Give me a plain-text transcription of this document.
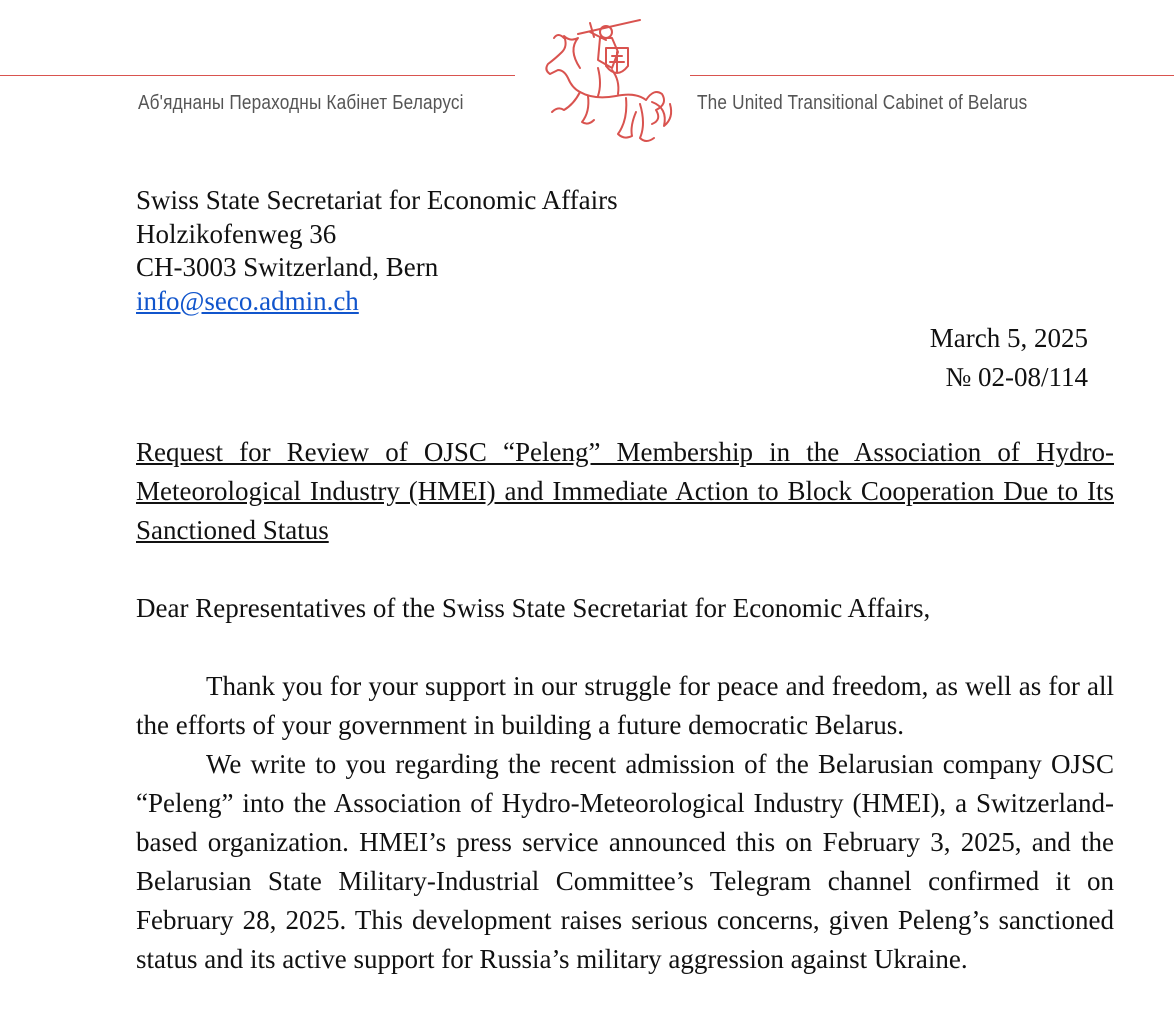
Аб'яднаны Пераходны Кабінет Беларусі	The United Transitional Cabinet of Belarus
Swiss State Secretariat for Economic Affairs
Holzikofenweg 36
CH-3003 Switzerland, Bern
info@seco.admin.ch
March 5, 2025
№ 02-08/114
Request for Review of OJSC “Peleng” Membership in the Association of Hydro-Meteorological Industry (HMEI) and Immediate Action to Block Cooperation Due to Its Sanctioned Status
Dear Representatives of the Swiss State Secretariat for Economic Affairs,

Thank you for your support in our struggle for peace and freedom, as well as for all the efforts of your government in building a future democratic Belarus.

We write to you regarding the recent admission of the Belarusian company OJSC “Peleng” into the Association of Hydro-Meteorological Industry (HMEI), a Switzerland-based organization. HMEI’s press service announced this on February 3, 2025, and the Belarusian State Military-Industrial Committee’s Telegram channel confirmed it on February 28, 2025. This development raises serious concerns, given Peleng’s sanctioned status and its active support for Russia’s military aggression against Ukraine.
